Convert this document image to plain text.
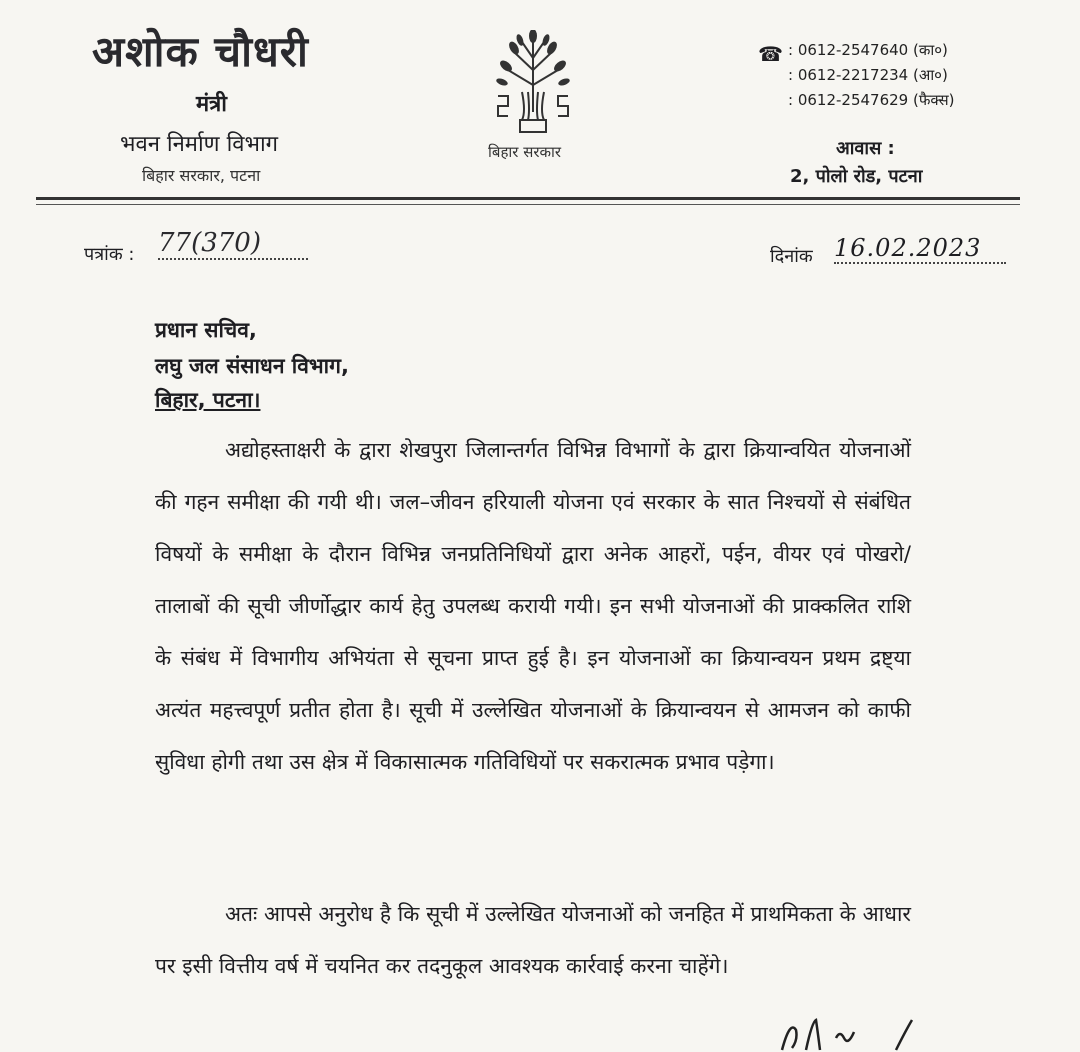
अशोक चौधरी
मंत्री
भवन निर्माण विभाग
बिहार सरकार, पटना
बिहार सरकार
☎ : 0612-2547640 (का०)
: 0612-2217234 (आ०)
: 0612-2547629 (फैक्स)
आवास :
2, पोलो रोड, पटना
पत्रांक : 77(370)	दिनांक 16.02.2023
प्रधान सचिव,
लघु जल संसाधन विभाग,
बिहार, पटना।
अद्योहस्ताक्षरी के द्वारा शेखपुरा जिलान्तर्गत विभिन्न विभागों के द्वारा क्रियान्वयित योजनाओं की गहन समीक्षा की गयी थी। जल–जीवन हरियाली योजना एवं सरकार के सात निश्चयों से संबंधित विषयों के समीक्षा के दौरान विभिन्न जनप्रतिनिधियों द्वारा अनेक आहरों, पईन, वीयर एवं पोखरो/तालाबों की सूची जीर्णोद्धार कार्य हेतु उपलब्ध करायी गयी। इन सभी योजनाओं की प्राक्कलित राशि के संबंध में विभागीय अभियंता से सूचना प्राप्त हुई है। इन योजनाओं का क्रियान्वयन प्रथम द्रष्ट्या अत्यंत महत्त्वपूर्ण प्रतीत होता है। सूची में उल्लेखित योजनाओं के क्रियान्वयन से आमजन को काफी सुविधा होगी तथा उस क्षेत्र में विकासात्मक गतिविधियों पर सकरात्मक प्रभाव पड़ेगा।
अतः आपसे अनुरोध है कि सूची में उल्लेखित योजनाओं को जनहित में प्राथमिकता के आधार पर इसी वित्तीय वर्ष में चयनित कर तदनुकूल आवश्यक कार्रवाई करना चाहेंगे।
